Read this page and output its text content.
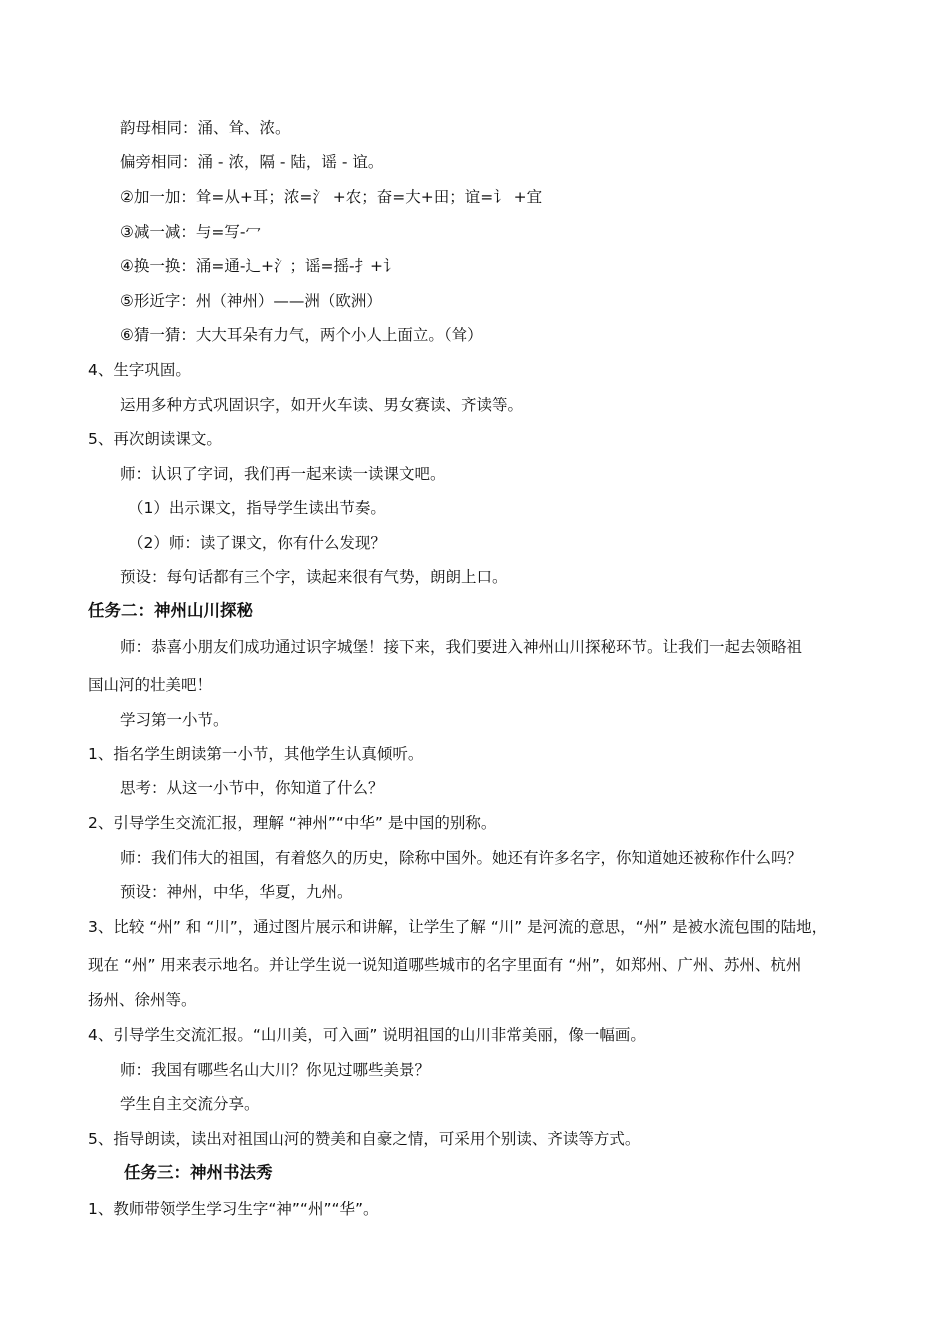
韵母相同：涌、耸、浓。
偏旁相同：涌 - 浓，隔 - 陆，谣 - 谊。
②加一加：耸=从+耳；浓=氵 +农；奋=大+田；谊=讠 +宜
③减一减：与=写-冖
④换一换：涌=通-辶+氵；谣=摇-扌+讠
⑤形近字：州（神州）——洲（欧洲）
⑥猜一猜：大大耳朵有力气，两个小人上面立。（耸）
4、生字巩固。
运用多种方式巩固识字，如开火车读、男女赛读、齐读等。
5、再次朗读课文。
师：认识了字词，我们再一起来读一读课文吧。
（1）出示课文，指导学生读出节奏。
（2）师：读了课文，你有什么发现？
预设：每句话都有三个字，读起来很有气势，朗朗上口。
任务二：神州山川探秘
师：恭喜小朋友们成功通过识字城堡！接下来，我们要进入神州山川探秘环节。让我们一起去领略祖
国山河的壮美吧！
学习第一小节。
1、指名学生朗读第一小节，其他学生认真倾听。
思考：从这一小节中，你知道了什么？
2、引导学生交流汇报，理解 “神州”“中华” 是中国的别称。
师：我们伟大的祖国，有着悠久的历史，除称中国外。她还有许多名字，你知道她还被称作什么吗？
预设：神州，中华，华夏，九州。
3、比较 “州” 和 “川”，通过图片展示和讲解，让学生了解 “川” 是河流的意思，“州” 是被水流包围的陆地，
现在 “州” 用来表示地名。并让学生说一说知道哪些城市的名字里面有 “州”，如郑州、广州、苏州、杭州
扬州、徐州等。
4、引导学生交流汇报。“山川美，可入画” 说明祖国的山川非常美丽，像一幅画。
师：我国有哪些名山大川？你见过哪些美景？
学生自主交流分享。
5、指导朗读，读出对祖国山河的赞美和自豪之情，可采用个别读、齐读等方式。
任务三：神州书法秀
1、教师带领学生学习生字“神”“州”“华”。
